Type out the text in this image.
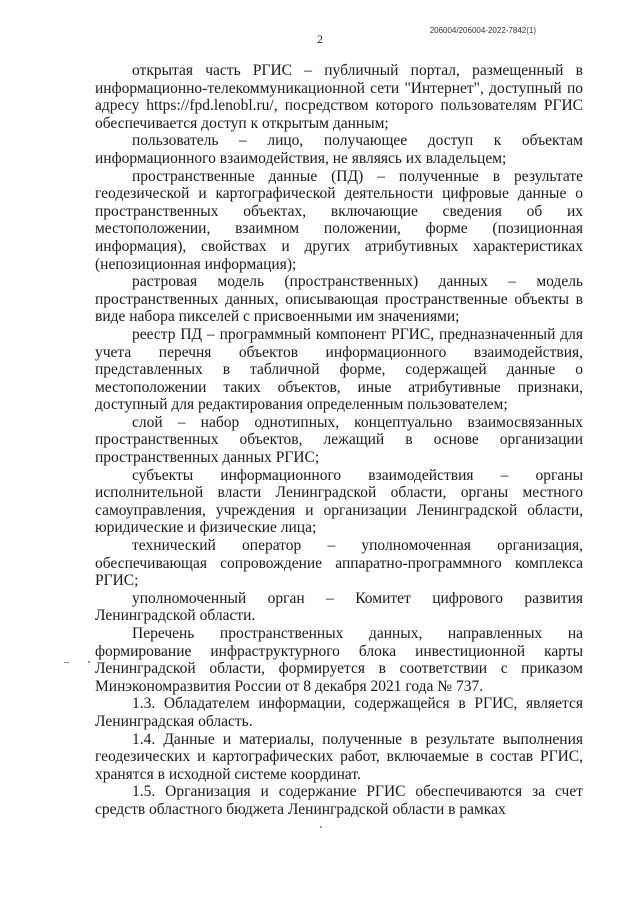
206004/206004-2022-7842(1)
2

открытая часть РГИС – публичный портал, размещенный в информационно-телекоммуникационной сети "Интернет", доступный по адресу https://fpd.lenobl.ru/, посредством которого пользователям РГИС обеспечивается доступ к открытым данным;

пользователь – лицо, получающее доступ к объектам информационного взаимодействия, не являясь их владельцем;

пространственные данные (ПД) – полученные в результате геодезической и картографической деятельности цифровые данные о пространственных объектах, включающие сведения об их местоположении, взаимном положении, форме (позиционная информация), свойствах и других атрибутивных характеристиках (непозиционная информация);

растровая модель (пространственных) данных – модель пространственных данных, описывающая пространственные объекты в виде набора пикселей с присвоенными им значениями;

реестр ПД – программный компонент РГИС, предназначенный для учета перечня объектов информационного взаимодействия, представленных в табличной форме, содержащей данные о местоположении таких объектов, иные атрибутивные признаки, доступный для редактирования определенным пользователем;

слой – набор однотипных, концептуально взаимосвязанных пространственных объектов, лежащий в основе организации пространственных данных РГИС;

субъекты информационного взаимодействия – органы исполнительной власти Ленинградской области, органы местного самоуправления, учреждения и организации Ленинградской области, юридические и физические лица;

технический оператор – уполномоченная организация, обеспечивающая сопровождение аппаратно-программного комплекса РГИС;

уполномоченный орган – Комитет цифрового развития Ленинградской области.

Перечень пространственных данных, направленных на формирование инфраструктурного блока инвестиционной карты Ленинградской области, формируется в соответствии с приказом Минэкономразвития России от 8 декабря 2021 года № 737.

1.3. Обладателем информации, содержащейся в РГИС, является Ленинградская область.

1.4. Данные и материалы, полученные в результате выполнения геодезических и картографических работ, включаемые в состав РГИС, хранятся в исходной системе координат.

1.5. Организация и содержание РГИС обеспечиваются за счет средств областного бюджета Ленинградской области в рамках
